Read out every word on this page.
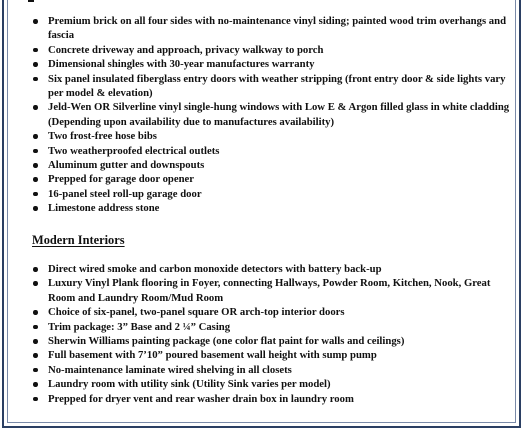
Premium brick on all four sides with no-maintenance vinyl siding; painted wood trim overhangs and fascia
Concrete driveway and approach, privacy walkway to porch
Dimensional shingles with 30-year manufactures warranty
Six panel insulated fiberglass entry doors with weather stripping (front entry door & side lights vary per model & elevation)
Jeld-Wen OR Silverline vinyl single-hung windows with Low E & Argon filled glass in white cladding (Depending upon availability due to manufactures availability)
Two frost-free hose bibs
Two weatherproofed electrical outlets
Aluminum gutter and downspouts
Prepped for garage door opener
16-panel steel roll-up garage door
Limestone address stone
Modern Interiors
Direct wired smoke and carbon monoxide detectors with battery back-up
Luxury Vinyl Plank flooring in Foyer, connecting Hallways, Powder Room, Kitchen, Nook, Great Room and Laundry Room/Mud Room
Choice of six-panel, two-panel square OR arch-top interior doors
Trim package: 3” Base and 2 ¼” Casing
Sherwin Williams painting package (one color flat paint for walls and ceilings)
Full basement with 7’10” poured basement wall height with sump pump
No-maintenance laminate wired shelving in all closets
Laundry room with utility sink (Utility Sink varies per model)
Prepped for dryer vent and rear washer drain box in laundry room
